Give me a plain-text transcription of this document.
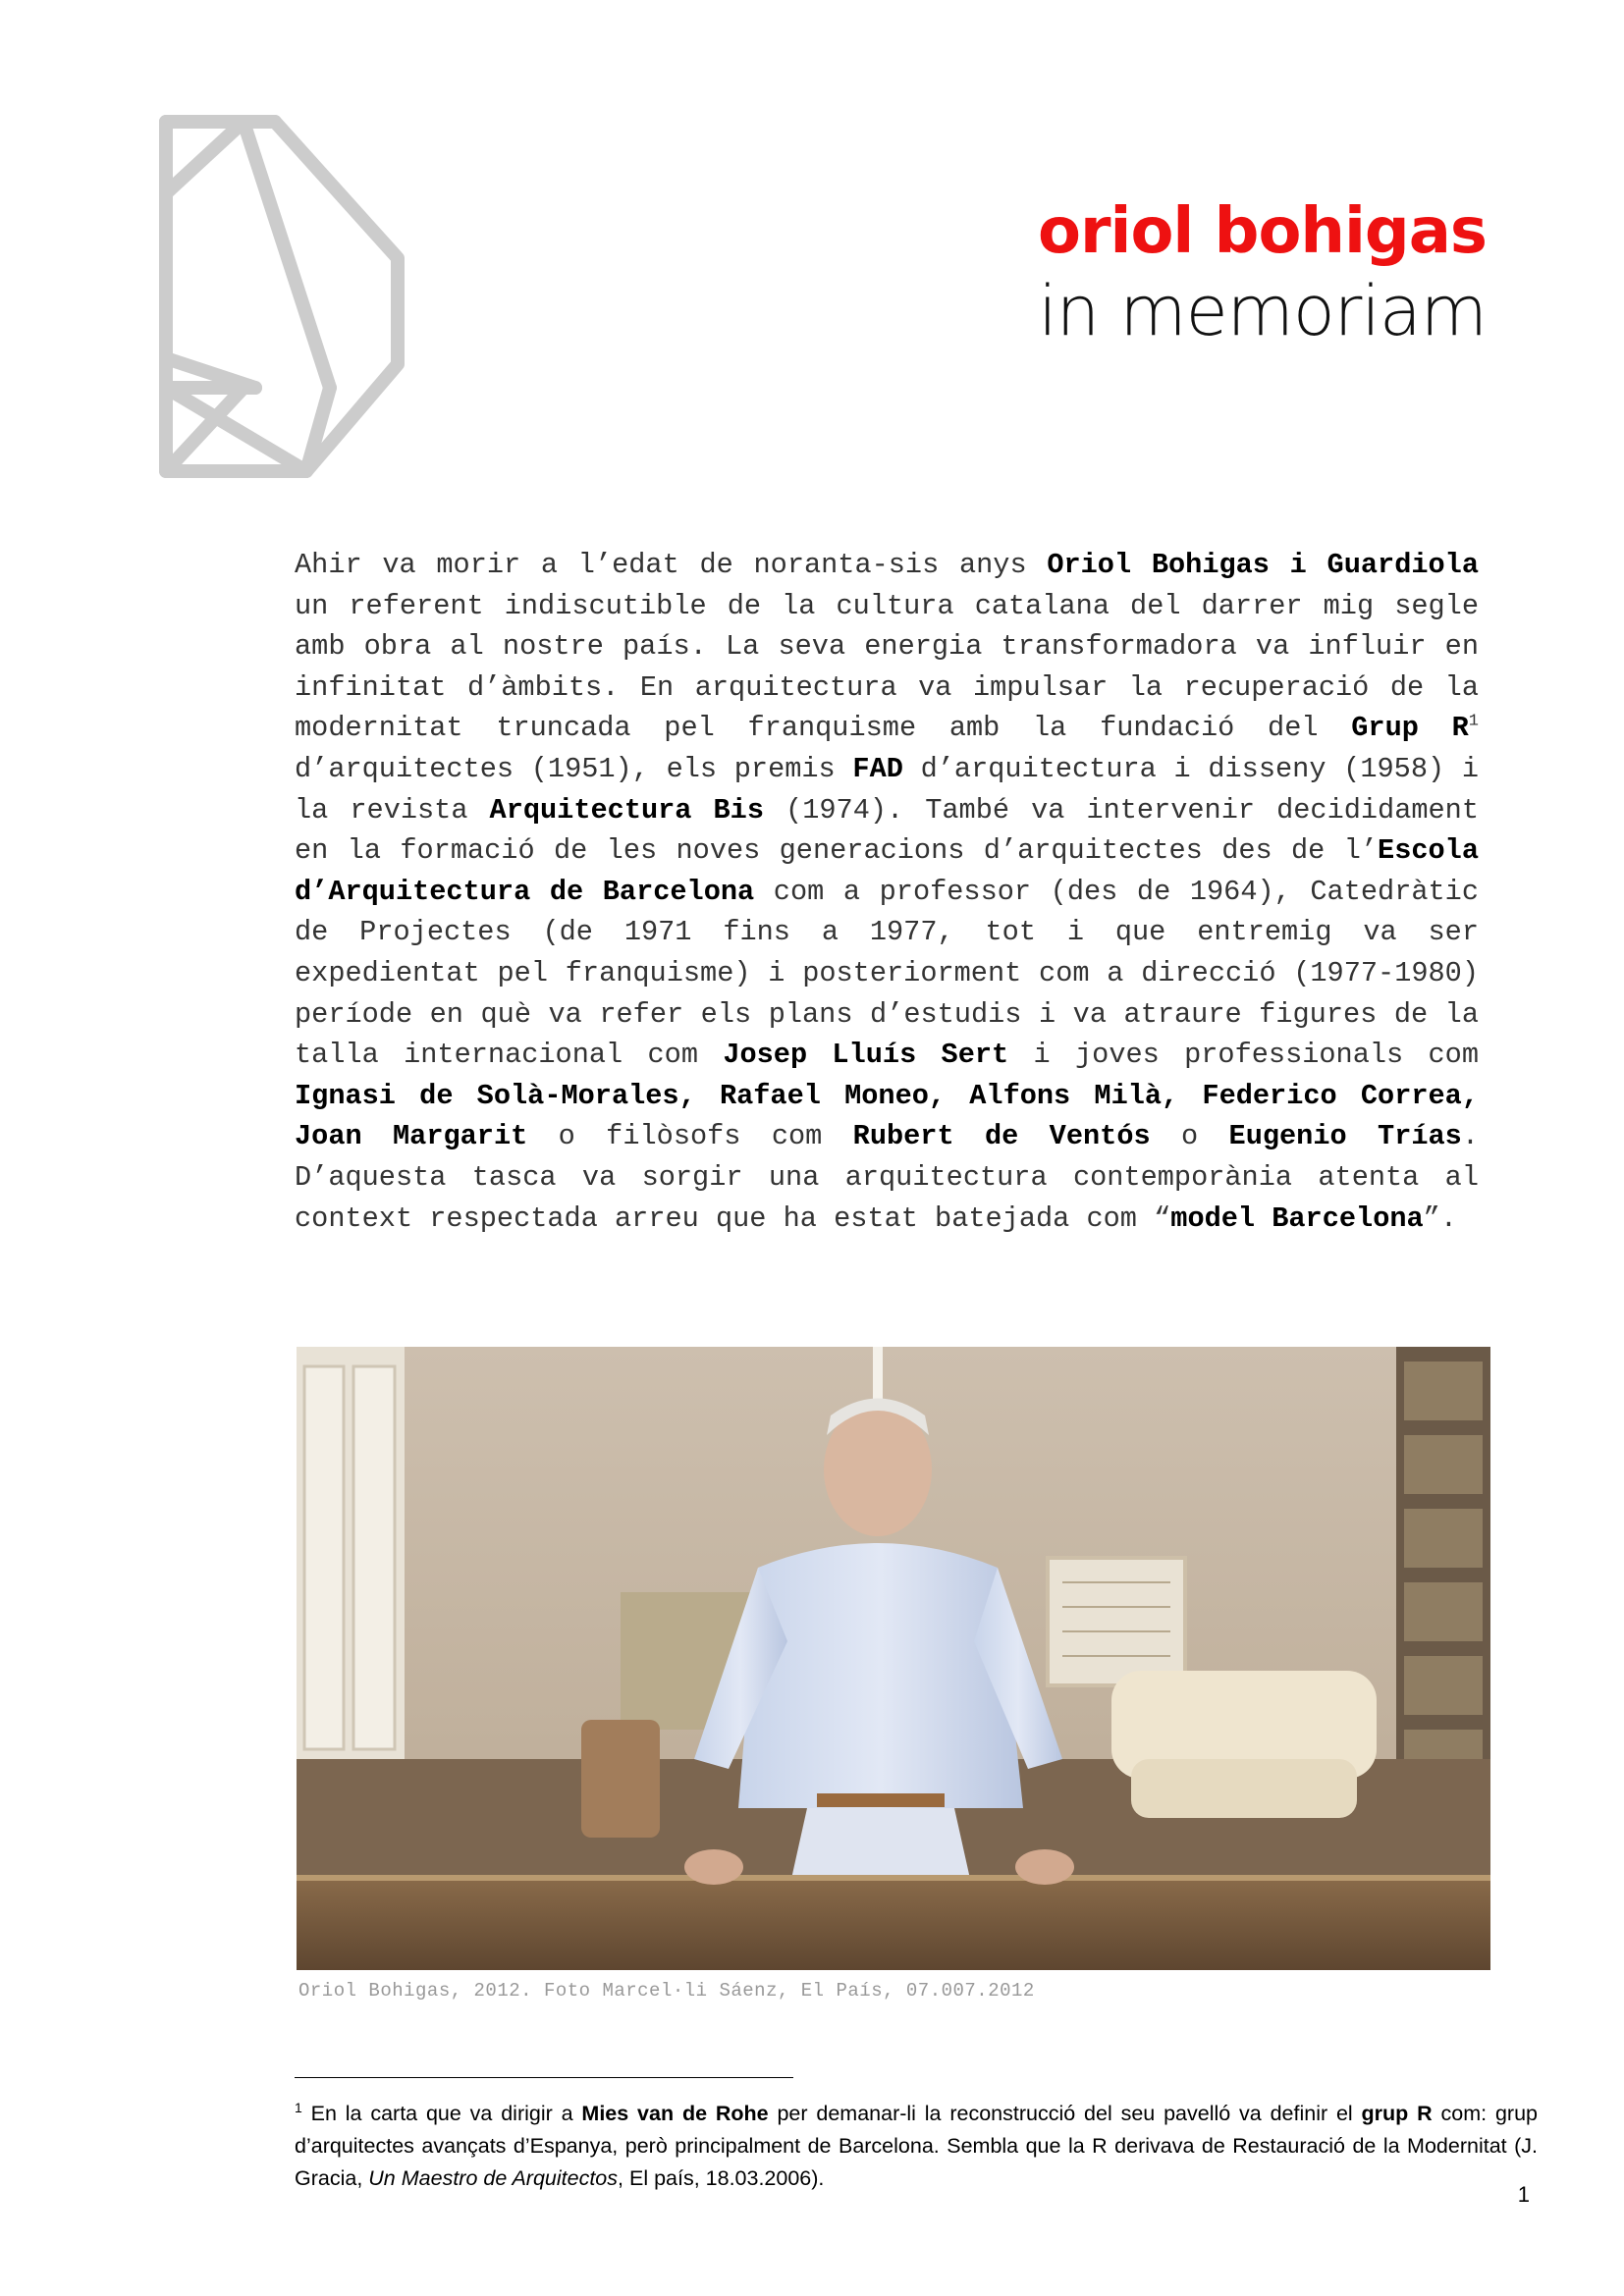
oriol bohigas
in memoriam

Ahir va morir a l’edat de noranta-sis anys Oriol Bohigas i Guardiola un referent indiscutible de la cultura catalana del darrer mig segle amb obra al nostre país. La seva energia transformadora va influir en infinitat d’àmbits. En arquitectura va impulsar la recuperació de la modernitat truncada pel franquisme amb la fundació del Grup $R^1$ d’arquitectes (1951), els premis FAD d’arquitectura i disseny (1958) i la revista Arquitectura Bis (1974). També va intervenir decididament en la formació de les noves generacions d’arquitectes des de l’Escola d’Arquitectura de Barcelona com a professor (des de 1964), Catedràtic de Projectes (de 1971 fins a 1977, tot i que entremig va ser expedientat pel franquisme) i posteriorment com a direcció (1977-1980) període en què va refer els plans d’estudis i va atraure figures de la talla internacional com Josep Lluís Sert i joves professionals com Ignasi de Solà-Morales, Rafael Moneo, Alfons Milà, Federico Correa, Joan Margarit o filòsofs com Rubert de Ventós o Eugenio Trías. D’aquesta tasca va sorgir una arquitectura contemporània atenta al context respectada arreu que ha estat batejada com “model Barcelona”.

Oriol Bohigas, 2012. Foto Marcel·li Sáenz, El País, 07.007.2012

$^1$ En la carta que va dirigir a Mies van de Rohe per demanar-li la reconstrucció del seu pavelló va definir el grup R com: grup d’arquitectes avançats d’Espanya, però principalment de Barcelona. Sembla que la R derivava de Restauració de la Modernitat (J. Gracia, Un Maestro de Arquitectos, El país, 18.03.2006).

1
